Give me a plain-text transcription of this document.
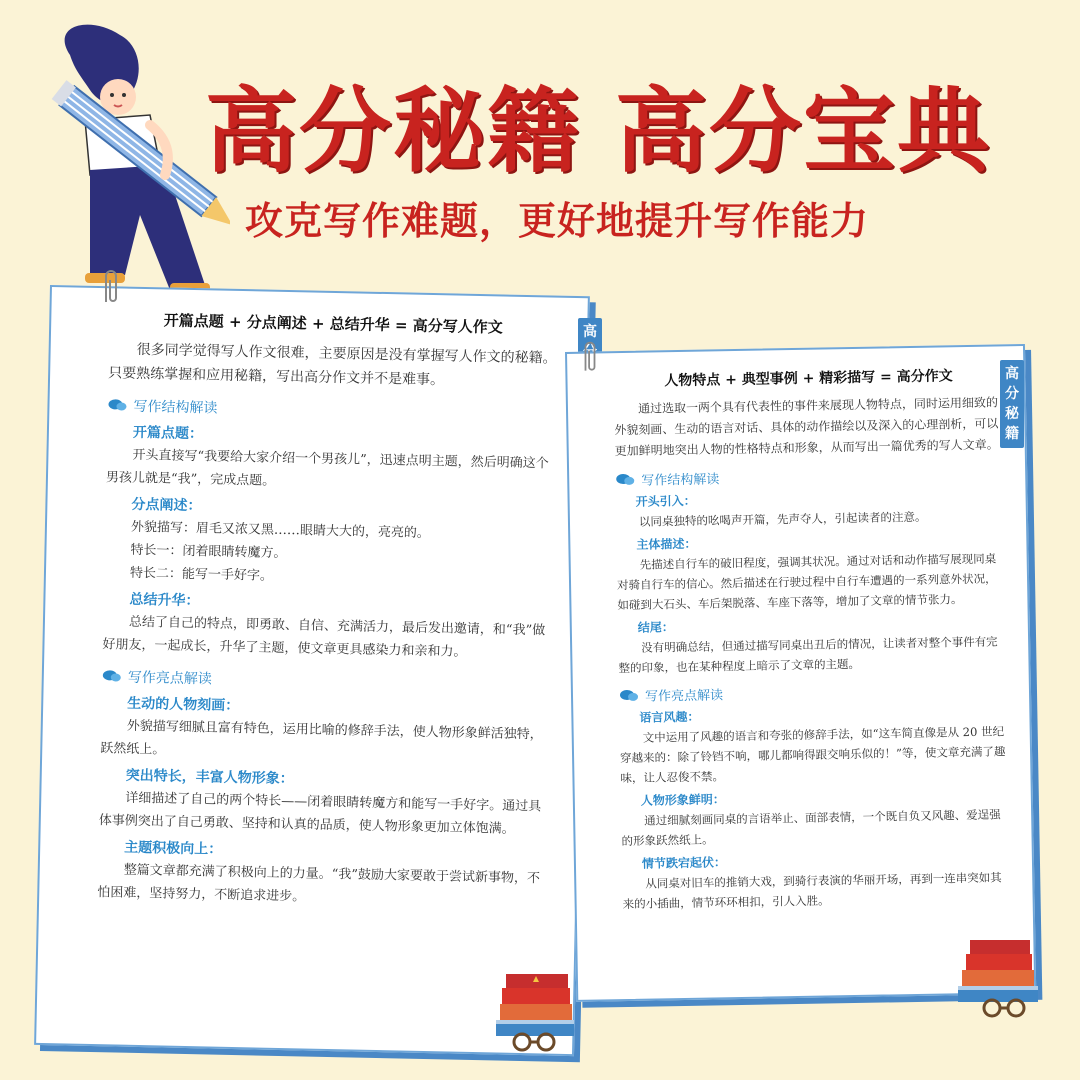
高分秘籍 高分宝典
攻克写作难题，更好地提升写作能力
开篇点题 + 分点阐述 + 总结升华 = 高分写人作文
很多同学觉得写人作文很难，主要原因是没有掌握写人作文的秘籍。只要熟练掌握和应用秘籍，写出高分作文并不是难事。
写作结构解读
开篇点题：
开头直接写“我要给大家介绍一个男孩儿”，迅速点明主题，然后明确这个男孩儿就是“我”，完成点题。
分点阐述：
外貌描写：眉毛又浓又黑……眼睛大大的，亮亮的。
特长一：闭着眼睛转魔方。
特长二：能写一手好字。
总结升华：
总结了自己的特点，即勇敢、自信、充满活力，最后发出邀请，和“我”做好朋友，一起成长，升华了主题，使文章更具感染力和亲和力。
写作亮点解读
生动的人物刻画：
外貌描写细腻且富有特色，运用比喻的修辞手法，使人物形象鲜活独特，跃然纸上。
突出特长，丰富人物形象：
详细描述了自己的两个特长——闭着眼睛转魔方和能写一手好字。通过具体事例突出了自己勇敢、坚持和认真的品质，使人物形象更加立体饱满。
主题积极向上：
整篇文章都充满了积极向上的力量。“我”鼓励大家要敢于尝试新事物，不怕困难，坚持努力，不断追求进步。
高
人物特点 + 典型事例 + 精彩描写 = 高分作文
通过选取一两个具有代表性的事件来展现人物特点，同时运用细致的外貌刻画、生动的语言对话、具体的动作描绘以及深入的心理剖析，可以更加鲜明地突出人物的性格特点和形象，从而写出一篇优秀的写人文章。
写作结构解读
开头引入：
以同桌独特的吆喝声开篇，先声夺人，引起读者的注意。
主体描述：
先描述自行车的破旧程度，强调其状况。通过对话和动作描写展现同桌对骑自行车的信心。然后描述在行驶过程中自行车遭遇的一系列意外状况，如碰到大石头、车后架脱落、车座下落等，增加了文章的情节张力。
结尾：
没有明确总结，但通过描写同桌出丑后的情况，让读者对整个事件有完整的印象，也在某种程度上暗示了文章的主题。
写作亮点解读
语言风趣：
文中运用了风趣的语言和夸张的修辞手法，如“这车简直像是从 20 世纪穿越来的：除了铃铛不响，哪儿都响得跟交响乐似的！”等，使文章充满了趣味，让人忍俊不禁。
人物形象鲜明：
通过细腻刻画同桌的言语举止、面部表情，一个既自负又风趣、爱逞强的形象跃然纸上。
情节跌宕起伏：
从同桌对旧车的推销大戏，到骑行表演的华丽开场，再到一连串突如其来的小插曲，情节环环相扣，引人入胜。
高分秘籍
